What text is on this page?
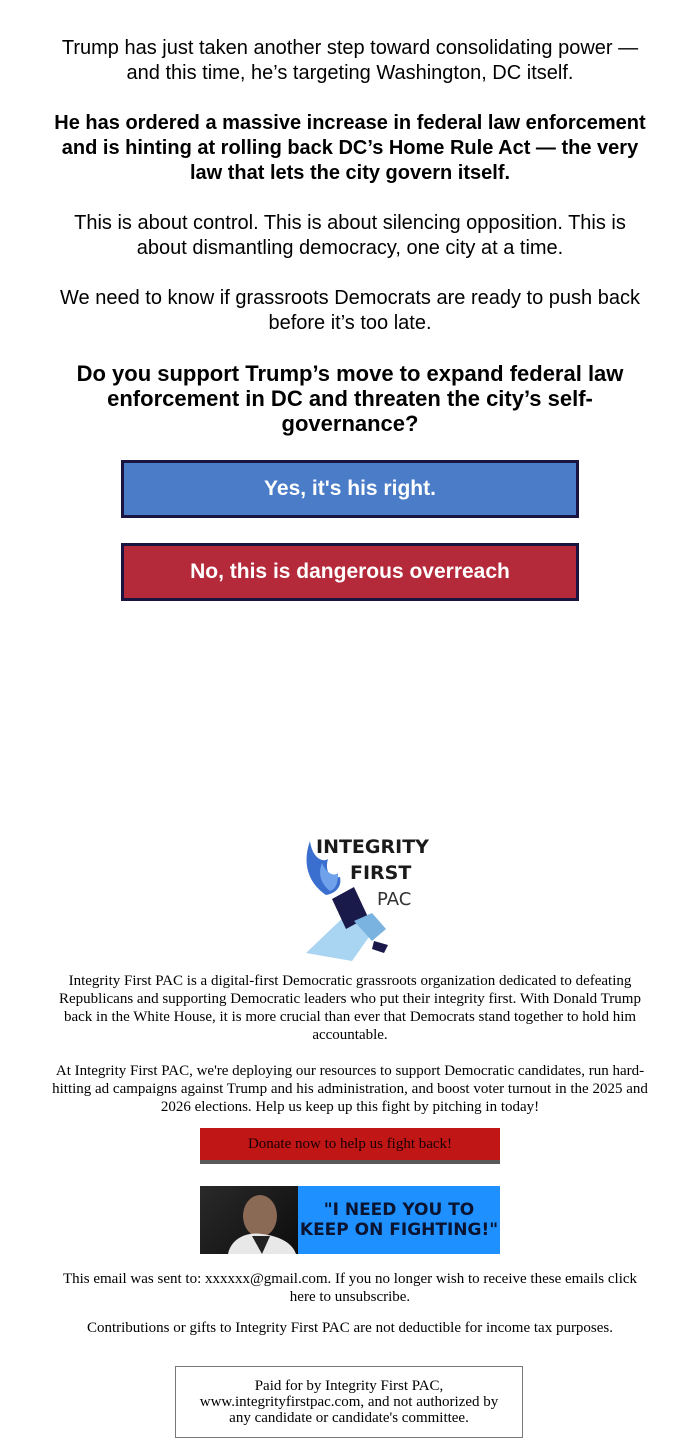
Trump has just taken another step toward consolidating power — and this time, he’s targeting Washington, DC itself.

He has ordered a massive increase in federal law enforcement and is hinting at rolling back DC’s Home Rule Act — the very law that lets the city govern itself.

This is about control. This is about silencing opposition. This is about dismantling democracy, one city at a time.

We need to know if grassroots Democrats are ready to push back before it’s too late.

Do you support Trump’s move to expand federal law enforcement in DC and threaten the city’s self-governance?

Yes, it's his right.
No, this is dangerous overreach
INTEGRITY
FIRST
PAC

Integrity First PAC is a digital-first Democratic grassroots organization dedicated to defeating Republicans and supporting Democratic leaders who put their integrity first. With Donald Trump back in the White House, it is more crucial than ever that Democrats stand together to hold him accountable.

At Integrity First PAC, we're deploying our resources to support Democratic candidates, run hard-hitting ad campaigns against Trump and his administration, and boost voter turnout in the 2025 and 2026 elections. Help us keep up this fight by pitching in today!

Donate now to help us fight back!
"I NEED YOU TO KEEP ON FIGHTING!"

This email was sent to: xxxxxx@gmail.com. If you no longer wish to receive these emails click here to unsubscribe.

Contributions or gifts to Integrity First PAC are not deductible for income tax purposes.

Paid for by Integrity First PAC, www.integrityfirstpac.com, and not authorized by any candidate or candidate's committee.
